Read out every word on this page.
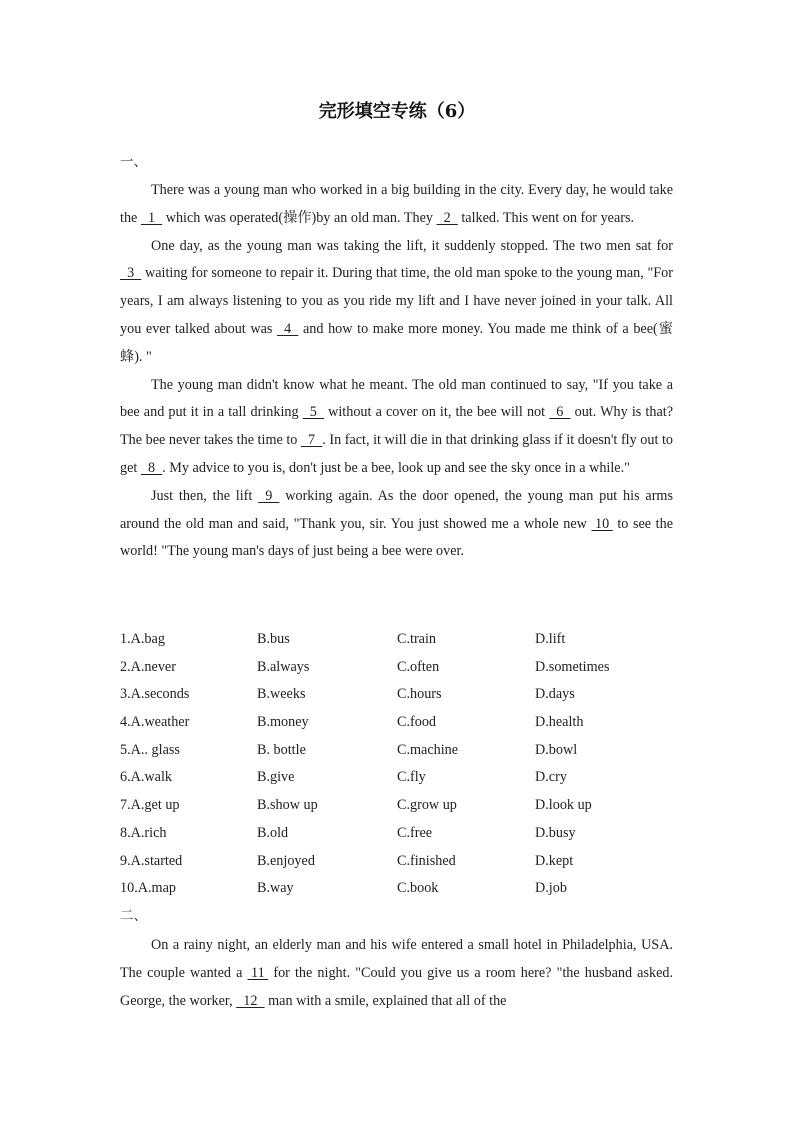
完形填空专练（6）
一、

There was a young man who worked in a big building in the city. Every day, he would take the   1   which was operated(操作)by an old man. They   2   talked. This went on for years.

One day, as the young man was taking the lift, it suddenly stopped. The two men sat for   3   waiting for someone to repair it. During that time, the old man spoke to the young man, "For years, I am always listening to you as you ride my lift and I have never joined in your talk. All you ever talked about was   4   and how to make more money. You made me think of a bee(蜜蜂). "

The young man didn't know what he meant. The old man continued to say, "If you take a bee and put it in a tall drinking   5   without a cover on it, the bee will not   6   out. Why is that? The bee never takes the time to   7  . In fact, it will die in that drinking glass if it doesn't fly out to get   8  . My advice to you is, don't just be a bee, look up and see the sky once in a while."

Just then, the lift   9   working again. As the door opened, the young man put his arms around the old man and said, "Thank you, sir. You just showed me a whole new  10  to see the world! "The young man's days of just being a bee were over.

1.A.bag	B.bus	C.train	D.lift
2.A.never	B.always	C.often	D.sometimes
3.A.seconds	B.weeks	C.hours	D.days
4.A.weather	B.money	C.food	D.health
5.A.. glass	B. bottle	C.machine	D.bowl
6.A.walk	B.give	C.fly	D.cry
7.A.get up	B.show up	C.grow up	D.look up
8.A.rich	B.old	C.free	D.busy
9.A.started	B.enjoyed	C.finished	D.kept
10.A.map	B.way	C.book	D.job
二、

On a rainy night, an elderly man and his wife entered a small hotel in Philadelphia, USA. The couple wanted a  11  for the night. "Could you give us a room here? "the husband asked. George, the worker,   12   man with a smile, explained that all of the
